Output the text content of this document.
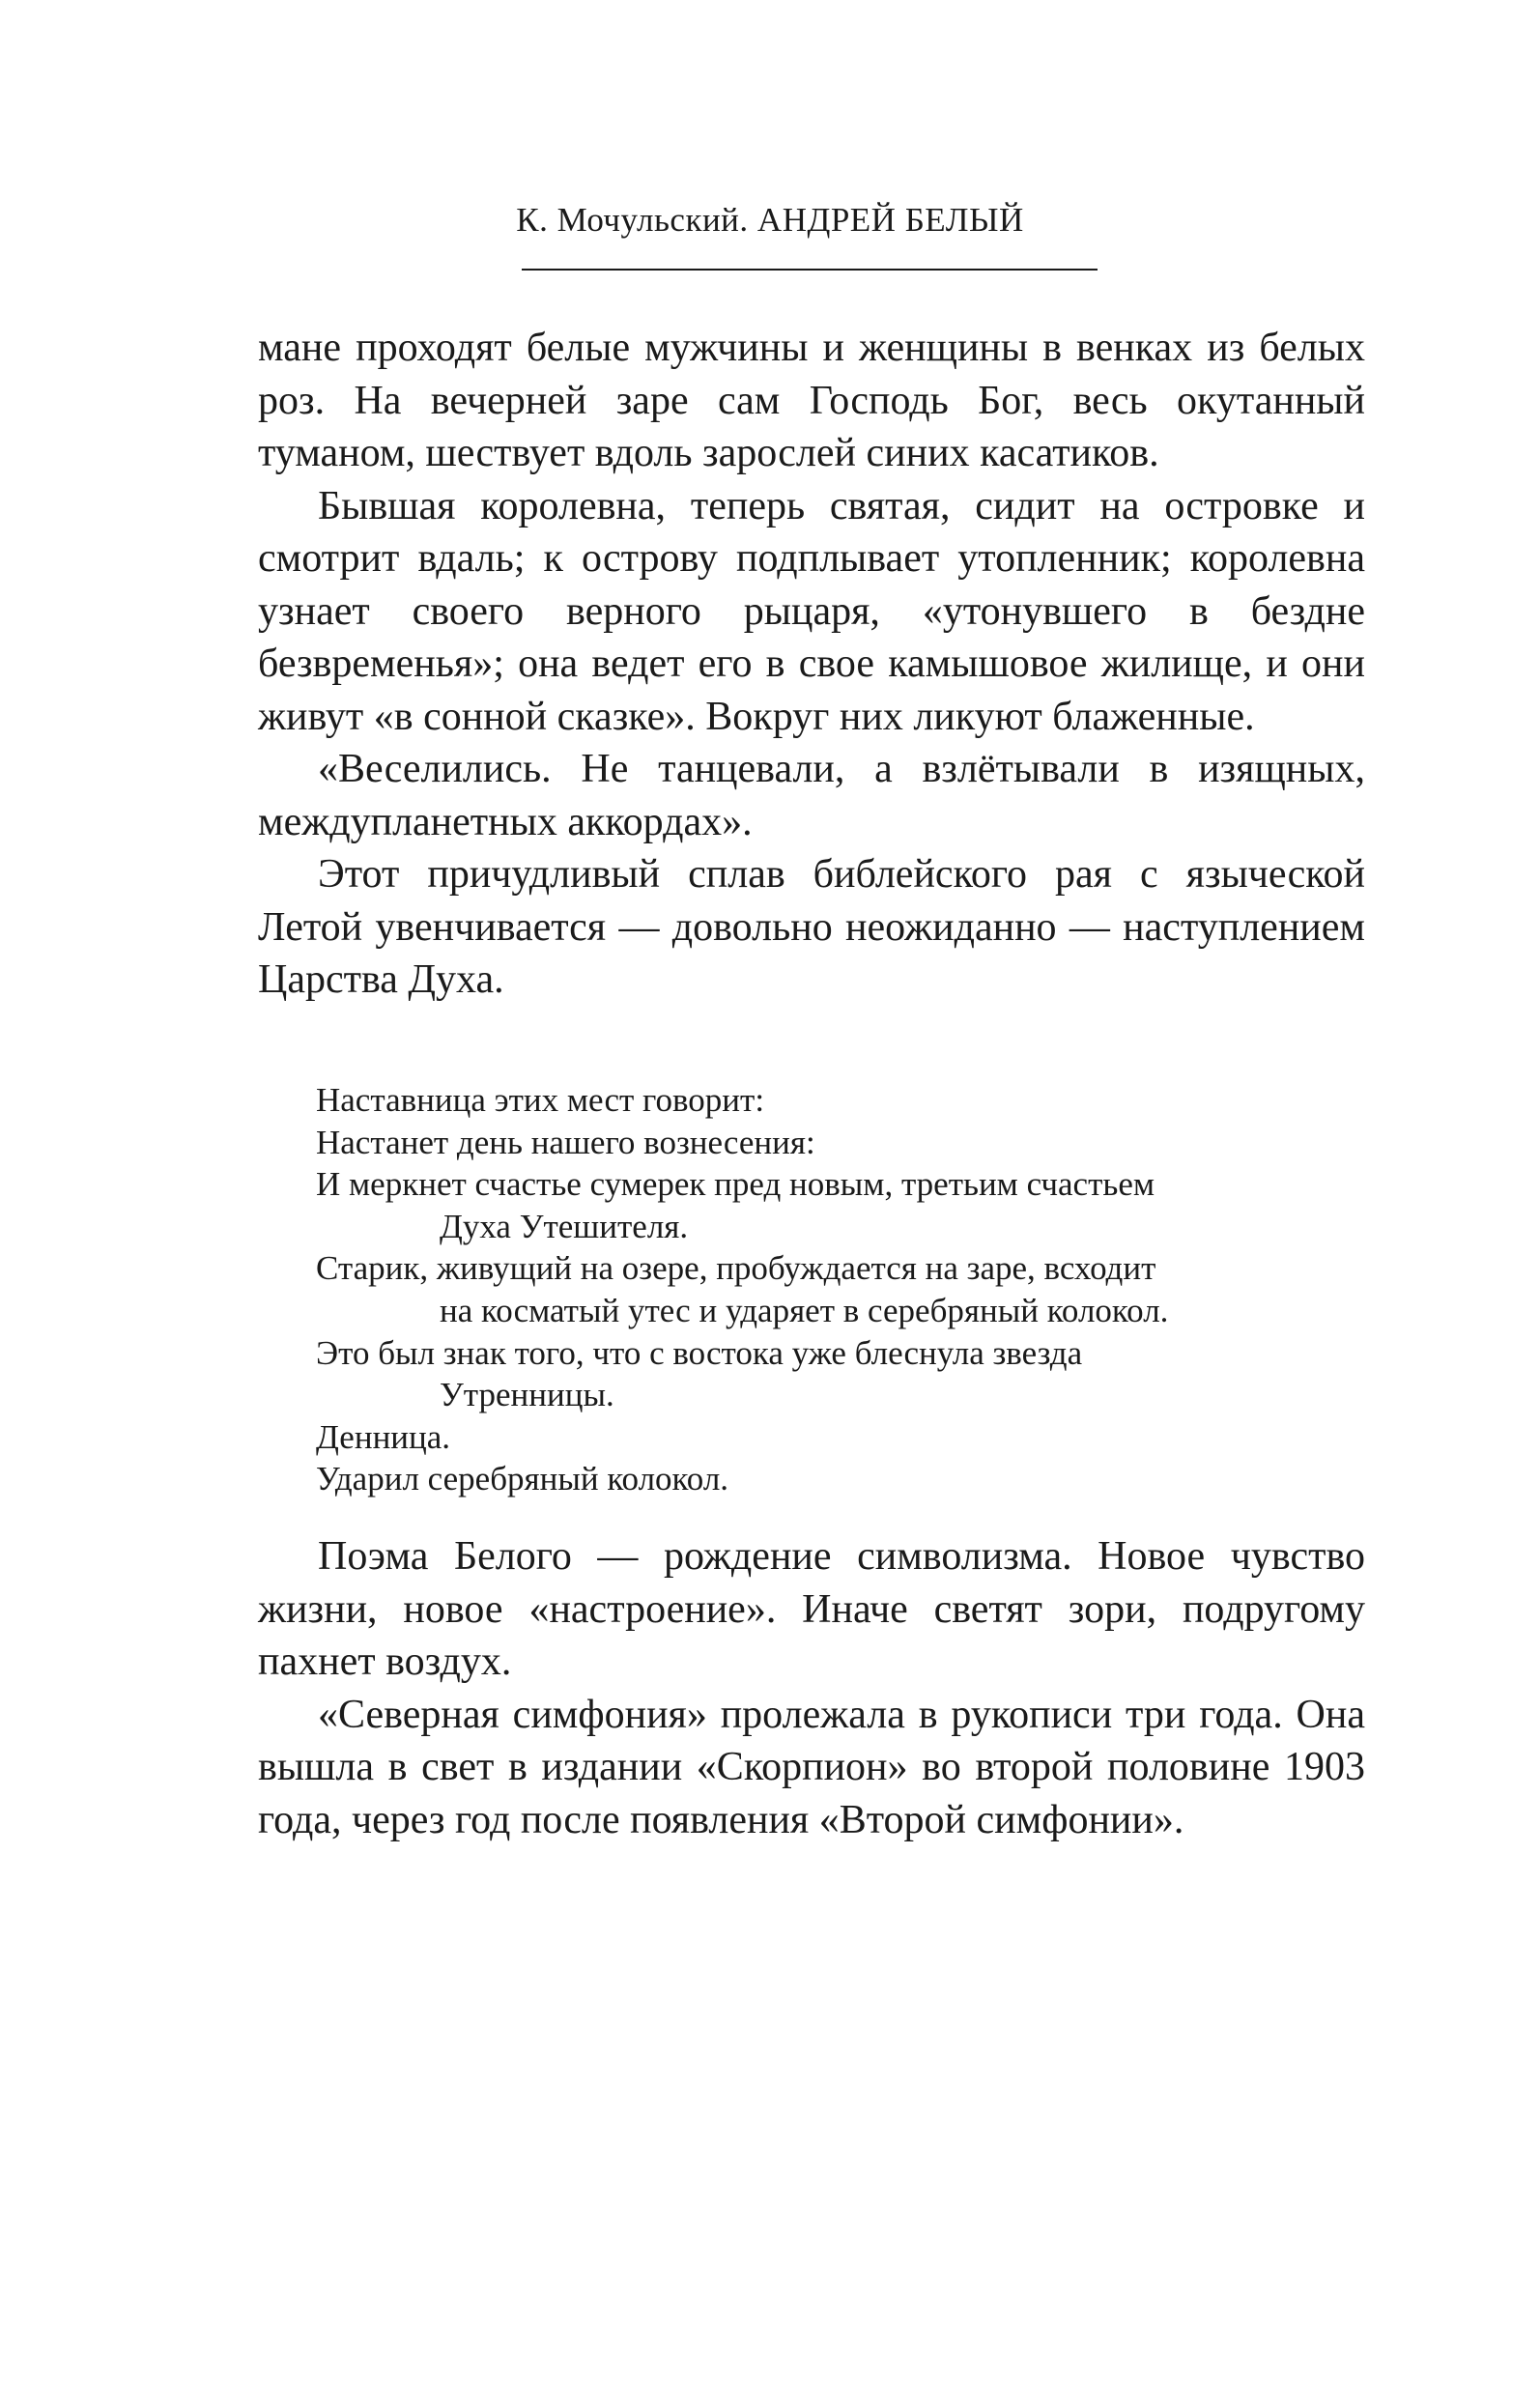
К. Мочульский. АНДРЕЙ БЕЛЫЙ

мане проходят белые мужчины и женщины в венках из белых роз. На вечерней заре сам Господь Бог, весь окутанный туманом, шествует вдоль зарослей синих касатиков.

Бывшая королевна, теперь святая, сидит на островке и смотрит вдаль; к острову подплывает утопленник; королевна узнает своего верного рыцаря, «утонувшего в бездне безвременья»; она ведет его в свое камышовое жилище, и они живут «в сонной сказке». Вокруг них ликуют блаженные.

«Веселились. Не танцевали, а взлётывали в изящных, междупланетных аккордах».

Этот причудливый сплав библейского рая с языческой Летой увенчивается — довольно неожиданно — наступлением Царства Духа.

Наставница этих мест говорит:
Настанет день нашего вознесения:
И меркнет счастье сумерек пред новым, третьим счастьем
Духа Утешителя.
Старик, живущий на озере, пробуждается на заре, всходит
на косматый утес и ударяет в серебряный колокол.
Это был знак того, что с востока уже блеснула звезда
Утренницы.
Денница.
Ударил серебряный колокол.

Поэма Белого — рождение символизма. Новое чувство жизни, новое «настроение». Иначе светят зори, подругому пахнет воздух.

«Северная симфония» пролежала в рукописи три года. Она вышла в свет в издании «Скорпион» во второй половине 1903 года, через год после появления «Второй симфонии».
